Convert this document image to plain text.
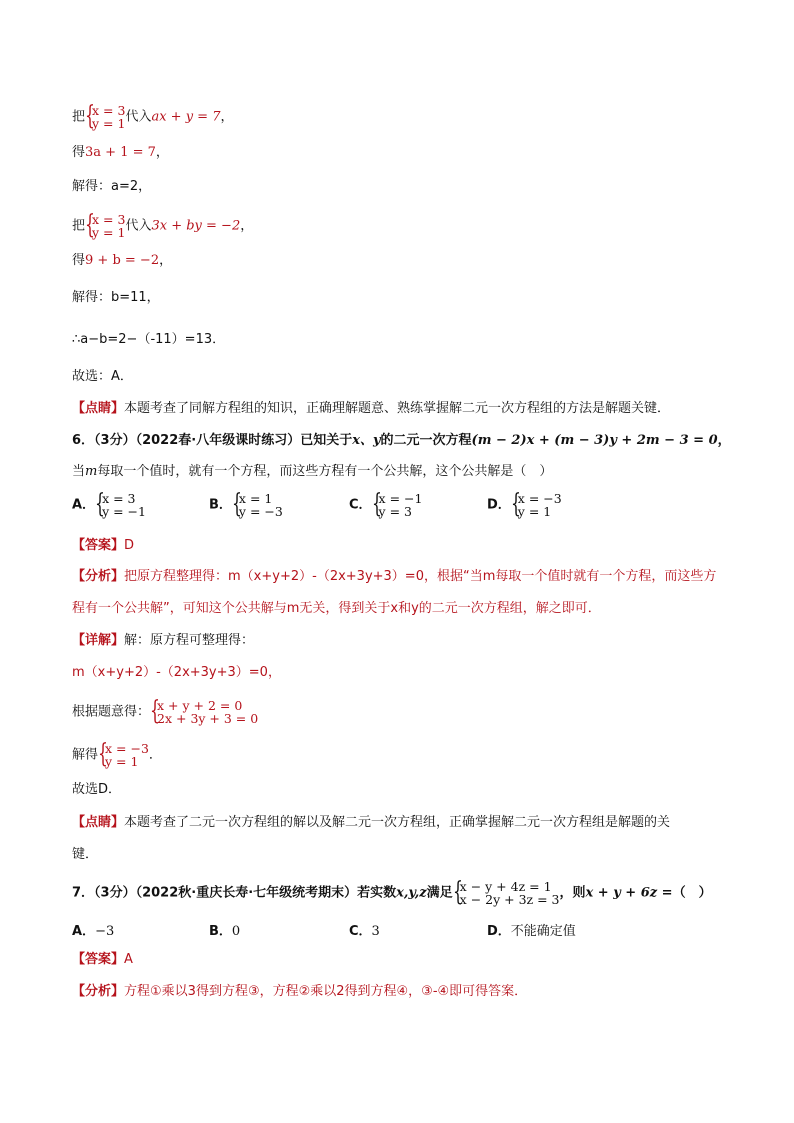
把 {
x = 3
y = 1 代入ax + y = 7，
得3a + 1 = 7，
解得：a=2，
把 {
x = 3
y = 1 代入3x + by = −2，
得9 + b = −2，
解得：b=11，
∴a−b=2−（-11）=13．
故选：A．
【点睛】本题考查了同解方程组的知识，正确理解题意、熟练掌握解二元一次方程组的方法是解题关键．
6．（3分）（2022春·八年级课时练习）已知关于x、y的二元一次方程(m − 2)x + (m − 3)y + 2m − 3 = 0，
当m每取一个值时，就有一个方程，而这些方程有一个公共解，这个公共解是（　）
A． {
x = 3
y = −1	B． {
x = 1
y = −3	C． {
x = −1
y = 3	D． {
x = −3
y = 1
【答案】D
【分析】把原方程整理得：m（x+y+2）-（2x+3y+3）=0，根据“当m每取一个值时就有一个方程，而这些方
程有一个公共解”，可知这个公共解与m无关，得到关于x和y的二元一次方程组，解之即可．
【详解】解：原方程可整理得：
m（x+y+2）-（2x+3y+3）=0，
根据题意得： {
x + y + 2 = 0
2x + 3y + 3 = 0
解得 {
x = −3
y = 1 ．
故选D．
【点睛】本题考查了二元一次方程组的解以及解二元一次方程组，正确掌握解二元一次方程组是解题的关
键．
7．（3分）（2022秋·重庆长寿·七年级统考期末）若实数x,y,z满足 {
x − y + 4z = 1
x − 2y + 3z = 3 ，则x + y + 6z =（　）
A．−3	B．0	C．3	D．不能确定值
【答案】A
【分析】方程①乘以3得到方程③，方程②乘以2得到方程④，③-④即可得答案．
